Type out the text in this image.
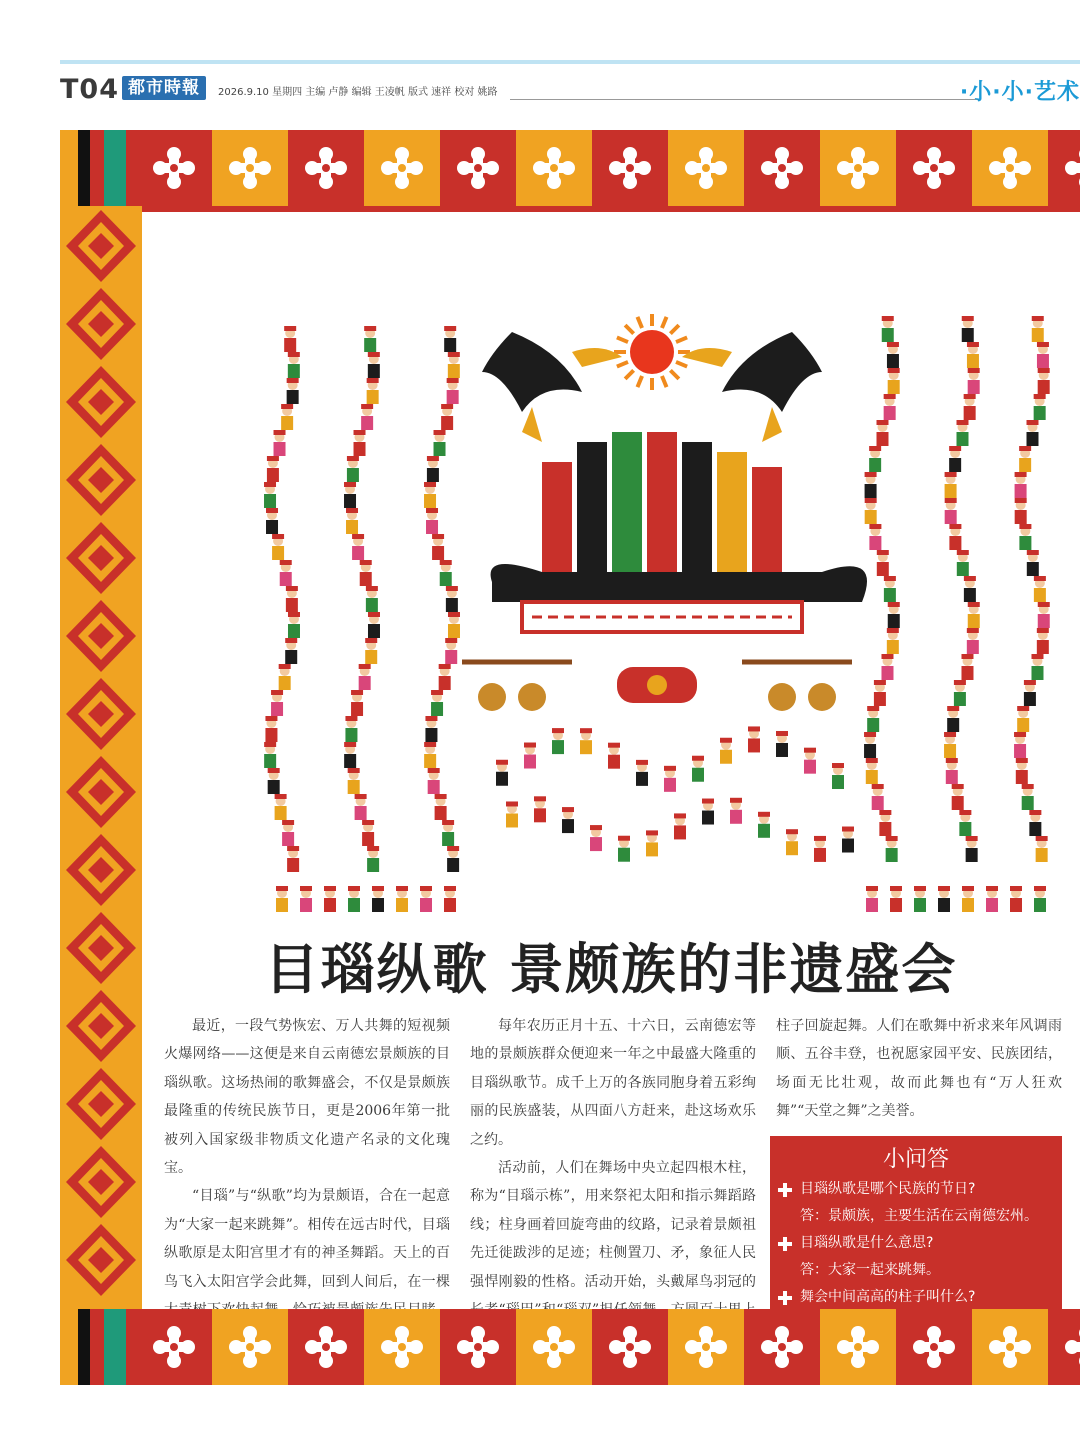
T04 都市時報	2026.9.10 星期四 主编 卢静 编辑 王凌帆 版式 速祥 校对 姚路	·小·小·艺术
目瑙纵歌 景颇族的非遗盛会

最近，一段气势恢宏、万人共舞的短视频火爆网络——这便是来自云南德宏景颇族的目瑙纵歌。这场热闹的歌舞盛会，不仅是景颇族最隆重的传统民族节日，更是2006年第一批被列入国家级非物质文化遗产名录的文化瑰宝。

“目瑙”与“纵歌”均为景颇语，合在一起意为“大家一起来跳舞”。相传在远古时代，目瑙纵歌原是太阳宫里才有的神圣舞蹈。天上的百鸟飞入太阳宫学会此舞，回到人间后，在一棵

每年农历正月十五、十六日，云南德宏等地的景颇族群众便迎来一年之中最盛大隆重的目瑙纵歌节。成千上万的各族同胞身着五彩绚丽的民族盛装，从四面八方赶来，赴这场欢乐之约。

活动前，人们在舞场中央立起四根木柱，称为“目瑙示栋”，用来祭祀太阳和指示舞蹈路线；柱身画着回旋弯曲的纹路，记录着景颇祖先迁徙跋涉的足迹；柱侧置刀、矛，象征人民强悍刚毅的性格。活动开始，头戴犀鸟羽冠的

柱子回旋起舞。人们在歌舞中祈求来年风调雨顺、五谷丰登，也祝愿家园平安、民族团结，场面无比壮观，故而此舞也有“万人狂欢舞”“天堂之舞”之美誉。

小问答
目瑙纵歌是哪个民族的节日?
答：景颇族，主要生活在云南德宏州。
目瑙纵歌是什么意思?
答：大家一起来跳舞。
舞会中间高高的柱子叫什么?
